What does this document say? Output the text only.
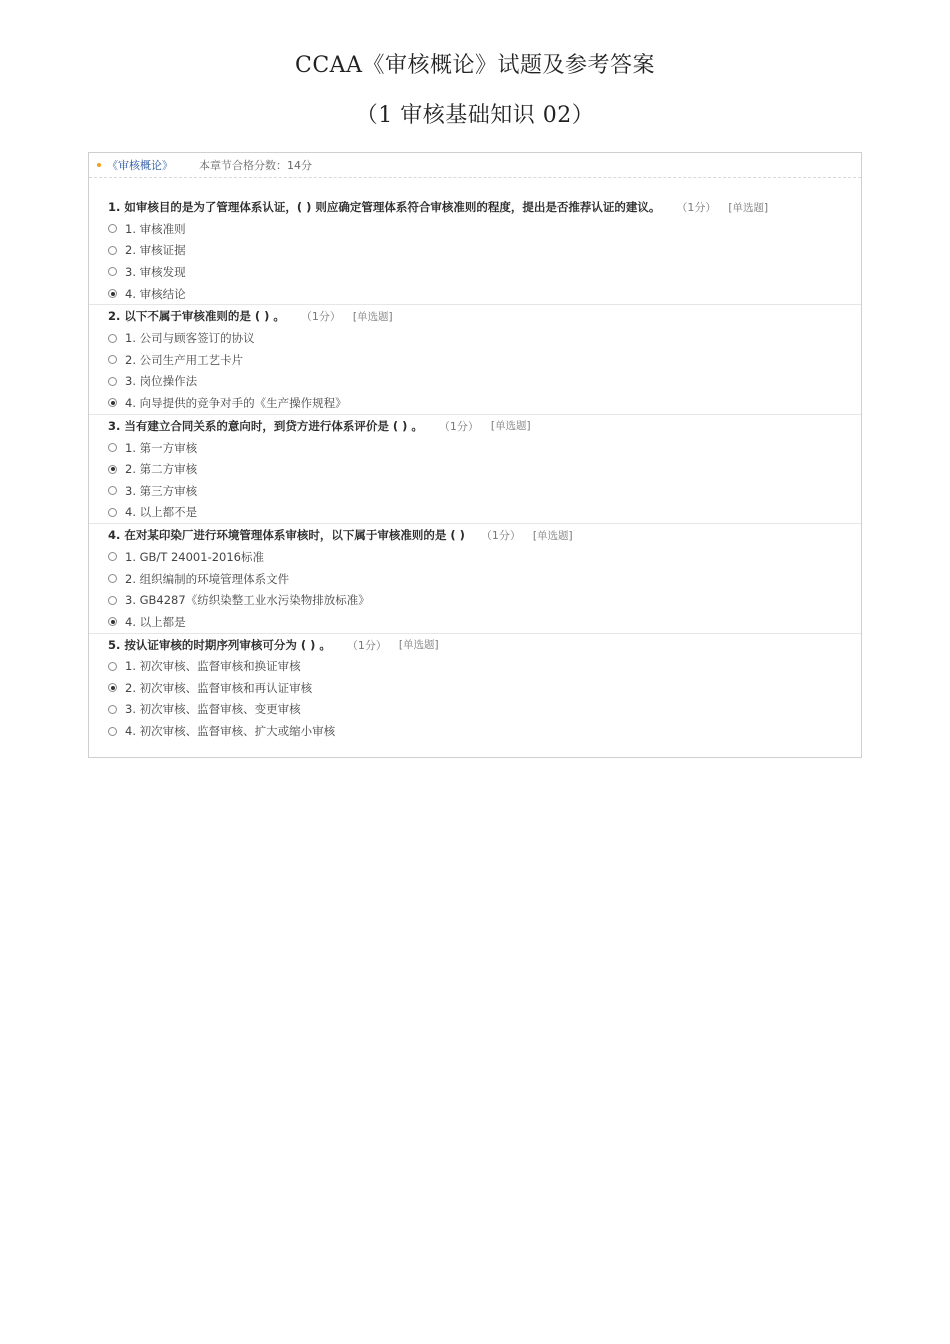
CCAA《审核概论》试题及参考答案
（1 审核基础知识 02）
《审核概论》 本章节合格分数：14分
1. 如审核目的是为了管理体系认证，( ) 则应确定管理体系符合审核准则的程度，提出是否推荐认证的建议。 （1分） [单选题]
1. 审核准则
2. 审核证据
3. 审核发现
4. 审核结论
2. 以下不属于审核准则的是 ( ) 。 （1分） [单选题]
1. 公司与顾客签订的协议
2. 公司生产用工艺卡片
3. 岗位操作法
4. 向导提供的竞争对手的《生产操作规程》
3. 当有建立合同关系的意向时，到贷方进行体系评价是 ( ) 。 （1分） [单选题]
1. 第一方审核
2. 第二方审核
3. 第三方审核
4. 以上都不是
4. 在对某印染厂进行环境管理体系审核时，以下属于审核准则的是 ( ) （1分） [单选题]
1. GB/T 24001-2016标准
2. 组织编制的环境管理体系文件
3. GB4287《纺织染整工业水污染物排放标准》
4. 以上都是
5. 按认证审核的时期序列审核可分为 ( ) 。 （1分） [单选题]
1. 初次审核、监督审核和换证审核
2. 初次审核、监督审核和再认证审核
3. 初次审核、监督审核、变更审核
4. 初次审核、监督审核、扩大或缩小审核
